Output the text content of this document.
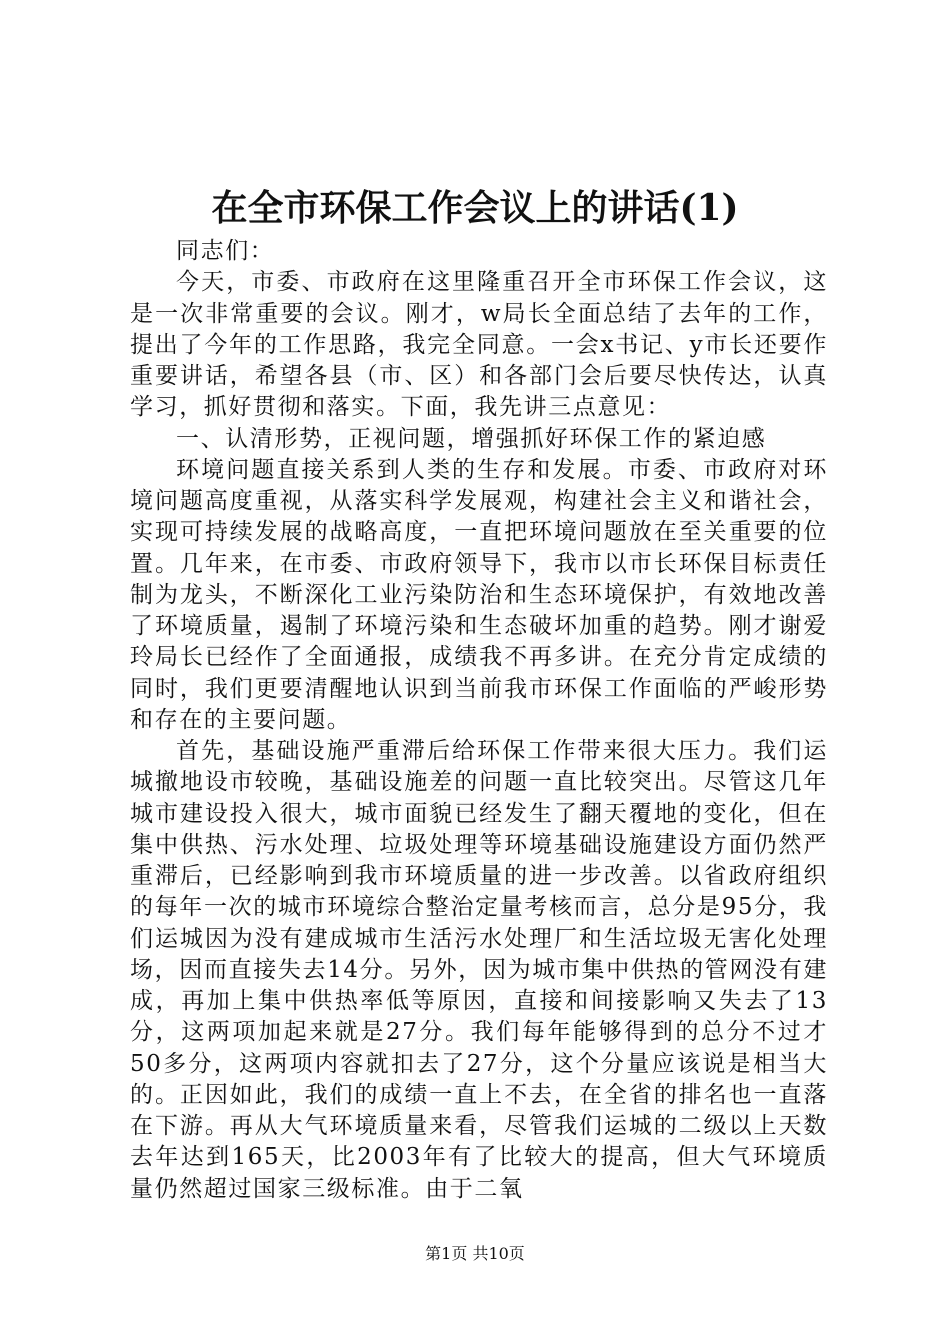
在全市环保工作会议上的讲话(1)

同志们：

今天，市委、市政府在这里隆重召开全市环保工作会议，这是一次非常重要的会议。刚才，w局长全面总结了去年的工作，提出了今年的工作思路，我完全同意。一会x书记、y市长还要作重要讲话，希望各县（市、区）和各部门会后要尽快传达，认真学习，抓好贯彻和落实。下面，我先讲三点意见：

一、认清形势，正视问题，增强抓好环保工作的紧迫感

环境问题直接关系到人类的生存和发展。市委、市政府对环境问题高度重视，从落实科学发展观，构建社会主义和谐社会，实现可持续发展的战略高度，一直把环境问题放在至关重要的位置。几年来，在市委、市政府领导下，我市以市长环保目标责任制为龙头，不断深化工业污染防治和生态环境保护，有效地改善了环境质量，遏制了环境污染和生态破坏加重的趋势。刚才谢爱玲局长已经作了全面通报，成绩我不再多讲。在充分肯定成绩的同时，我们更要清醒地认识到当前我市环保工作面临的严峻形势和存在的主要问题。

首先，基础设施严重滞后给环保工作带来很大压力。我们运城撤地设市较晚，基础设施差的问题一直比较突出。尽管这几年城市建设投入很大，城市面貌已经发生了翻天覆地的变化，但在集中供热、污水处理、垃圾处理等环境基础设施建设方面仍然严重滞后，已经影响到我市环境质量的进一步改善。以省政府组织的每年一次的城市环境综合整治定量考核而言，总分是95分，我们运城因为没有建成城市生活污水处理厂和生活垃圾无害化处理场，因而直接失去14分。另外，因为城市集中供热的管网没有建成，再加上集中供热率低等原因，直接和间接影响又失去了13分，这两项加起来就是27分。我们每年能够得到的总分不过才50多分，这两项内容就扣去了27分，这个分量应该说是相当大的。正因如此，我们的成绩一直上不去，在全省的排名也一直落在下游。再从大气环境质量来看，尽管我们运城的二级以上天数去年达到165天，比2003年有了比较大的提高，但大气环境质量仍然超过国家三级标准。由于二氧

第1页 共10页
